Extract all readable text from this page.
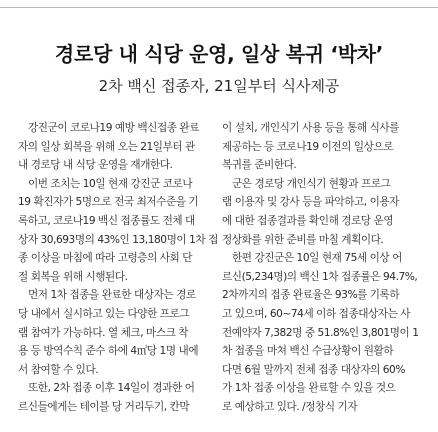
경로당 내 식당 운영, 일상 복귀 ‘박차’
2차 백신 접종자, 21일부터 식사제공
강진군이 코로나19 예방 백신접종 완료
자의 일상 회복을 위해 오는 21일부터 관
내 경로당 내 식당 운영을 재개한다.
이번 조치는 10일 현재 강진군 코로나
19 확진자가 5명으로 전국 최저수준을 기
록하고, 코로나19 백신 접종률도 전체 대
상자 30,693명의 43%인 13,180명이 1차 접
종 이상을 마침에 따라 고령층의 사회 단
절 회복을 위해 시행된다.
먼저 1차 접종을 완료한 대상자는 경로
당 내에서 실시하고 있는 다양한 프로그
램 참여가 가능하다. 열 체크, 마스크 착
용 등 방역수칙 준수 하에 4㎡당 1명 내에
서 참여할 수 있다.
또한, 2차 접종 이후 14일이 경과한 어
르신들에게는 테이블 당 거리두기, 칸막
이 설치, 개인식기 사용 등을 통해 식사를
제공하는 등 코로나19 이전의 일상으로
복귀를 준비한다.
군은 경로당 개인식기 현황과 프로그
램 이용자 및 강사 등을 파악하고, 이용자
에 대한 접종결과를 확인해 경로당 운영
정상화를 위한 준비를 마칠 계획이다.
한편 강진군은 10일 현재 75세 이상 어
르신(5,234명)의 백신 1차 접종률은 94.7%,
2차까지의 접종 완료율은 93%를 기록하
고 있으며, 60~74세 이하 접종대상자는 사
전예약자 7,382명 중 51.8%인 3,801명이 1
차 접종을 마쳐 백신 수급상황이 원활하
다면 6월 말까지 전체 접종 대상자의 60%
가 1차 접종 이상을 완료할 수 있을 것으
로 예상하고 있다. /정창식 기자
